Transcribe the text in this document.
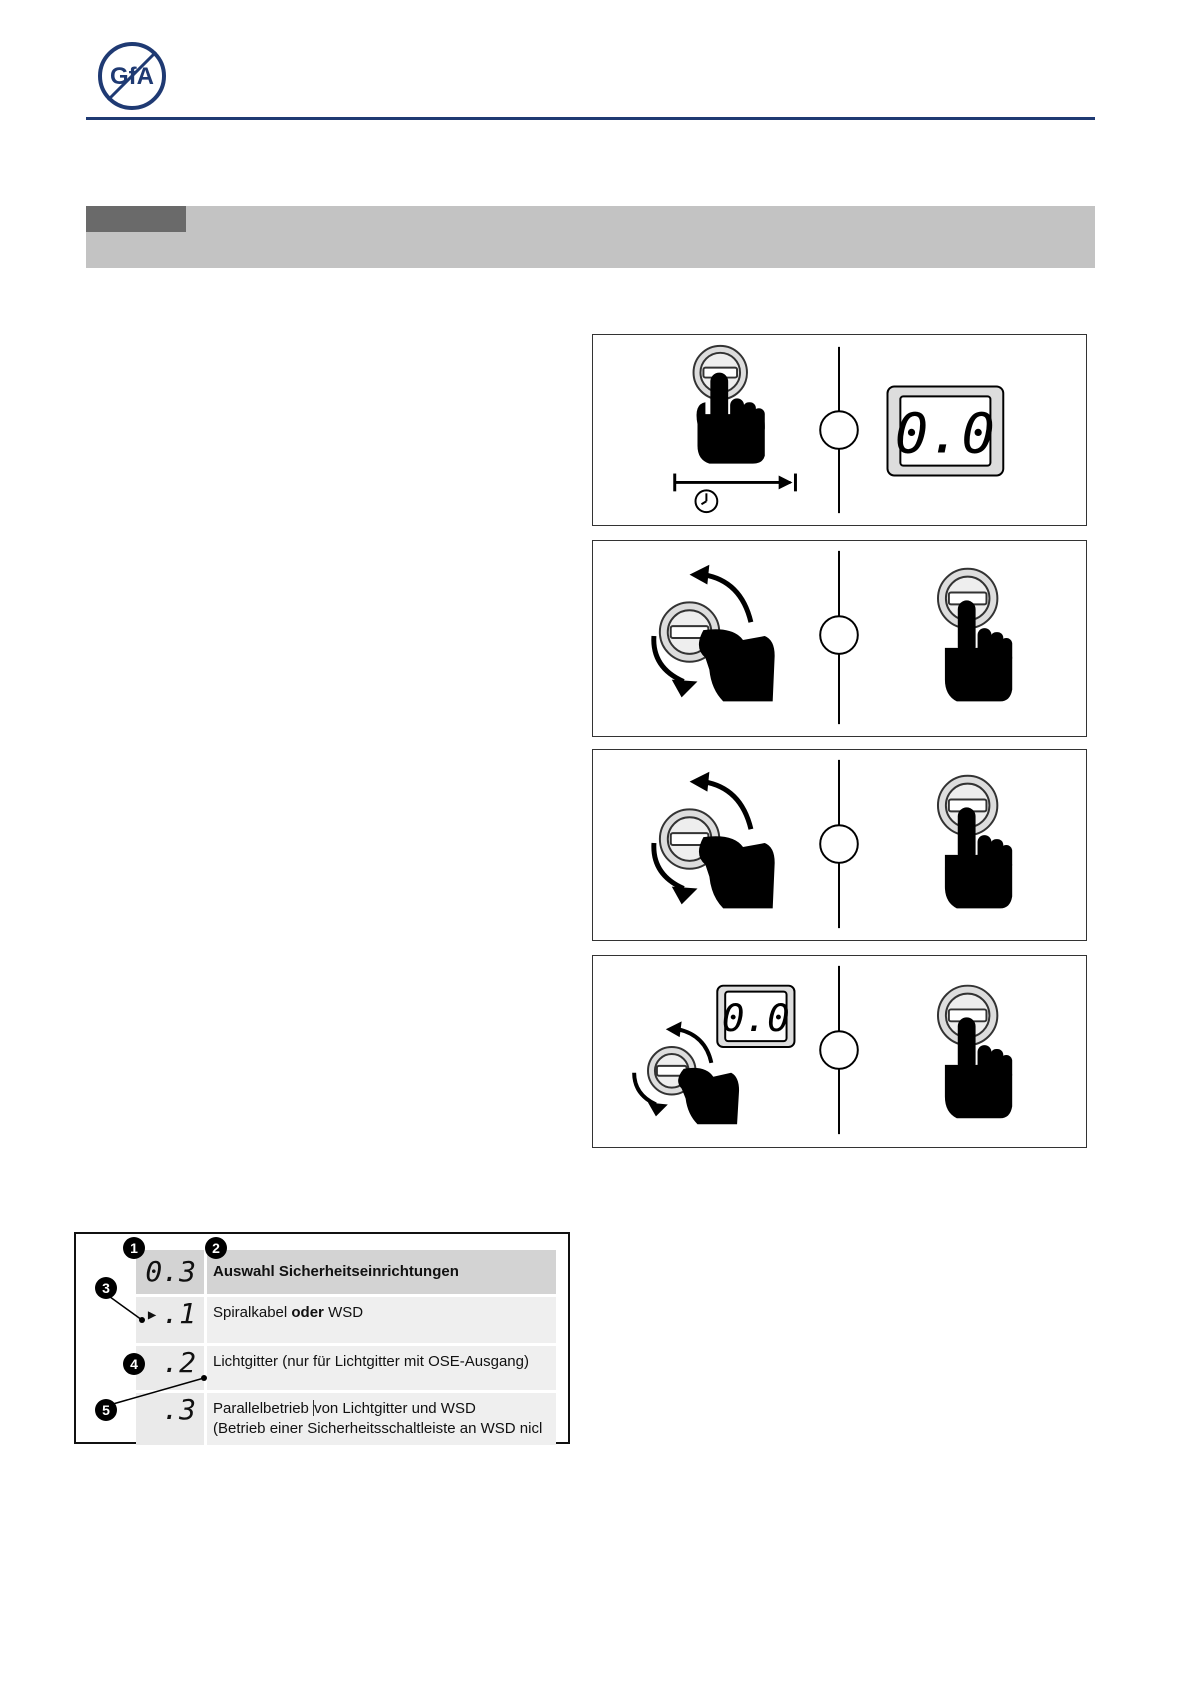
GfA
0.0
0.0
0.3	Auswahl Sicherheitseinrichtungen
▶ .1	Spiralkabel oder WSD
.2	Lichtgitter (nur für Lichtgitter mit OSE-Ausgang)
.3	Parallelbetrieb von Lichtgitter und WSD
(Betrieb einer Sicherheitsschaltleiste an WSD nicl
1	2
3
4
5
